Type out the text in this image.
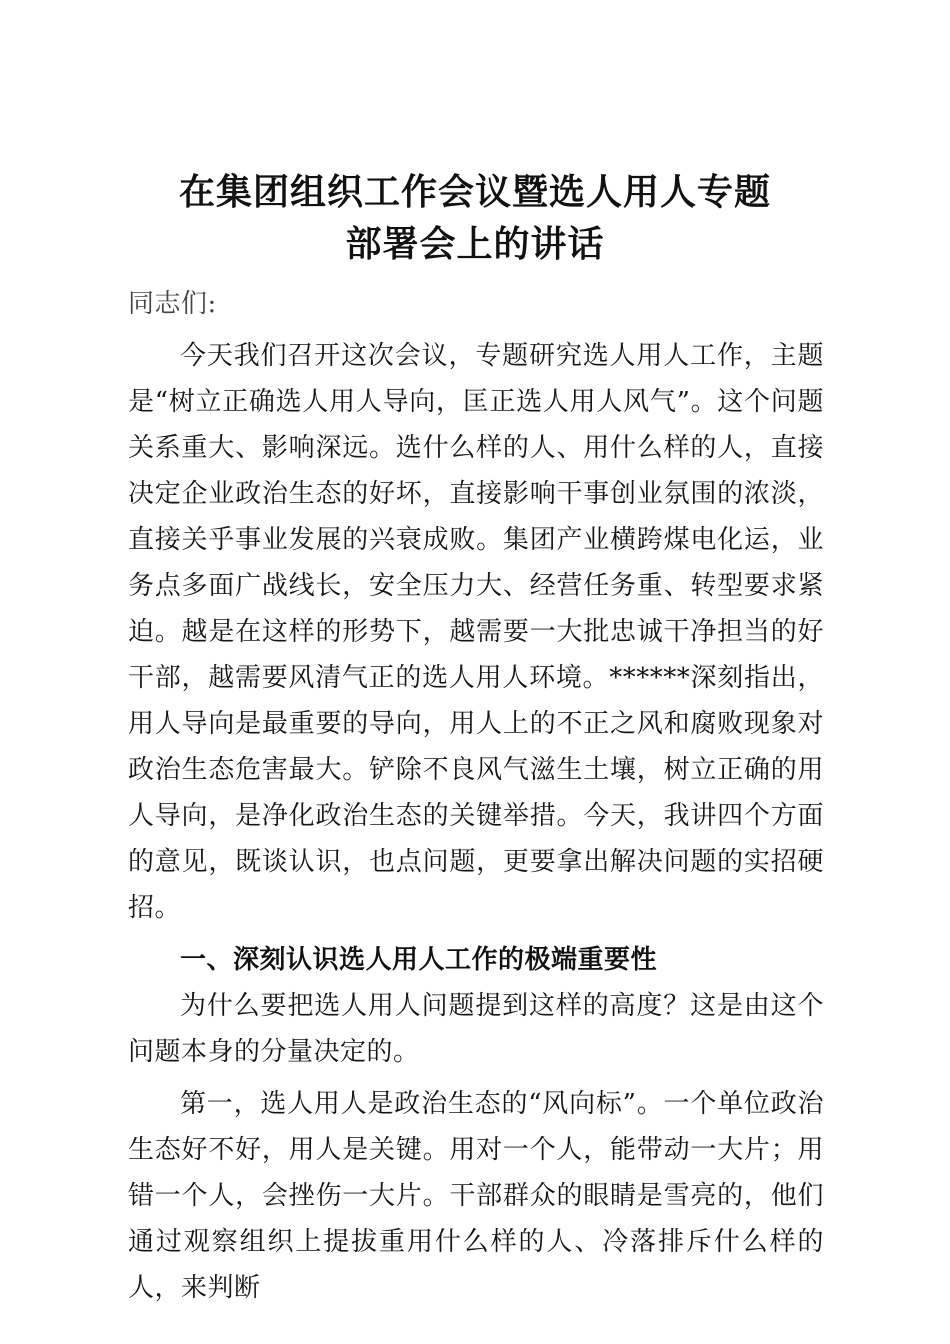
在集团组织工作会议暨选人用人专题
部署会上的讲话

同志们:

今天我们召开这次会议，专题研究选人用人工作，主题是“树立正确选人用人导向，匡正选人用人风气”。这个问题关系重大、影响深远。选什么样的人、用什么样的人，直接决定企业政治生态的好坏，直接影响干事创业氛围的浓淡，直接关乎事业发展的兴衰成败。集团产业横跨煤电化运，业务点多面广战线长，安全压力大、经营任务重、转型要求紧迫。越是在这样的形势下，越需要一大批忠诚干净担当的好干部，越需要风清气正的选人用人环境。******深刻指出，用人导向是最重要的导向，用人上的不正之风和腐败现象对政治生态危害最大。铲除不良风气滋生土壤，树立正确的用人导向，是净化政治生态的关键举措。今天，我讲四个方面的意见，既谈认识，也点问题，更要拿出解决问题的实招硬招。

一、深刻认识选人用人工作的极端重要性

为什么要把选人用人问题提到这样的高度？这是由这个问题本身的分量决定的。

第一，选人用人是政治生态的“风向标”。一个单位政治生态好不好，用人是关键。用对一个人，能带动一大片；用错一个人，会挫伤一大片。干部群众的眼睛是雪亮的，他们通过观察组织上提拔重用什么样的人、冷落排斥什么样的人，来判断
